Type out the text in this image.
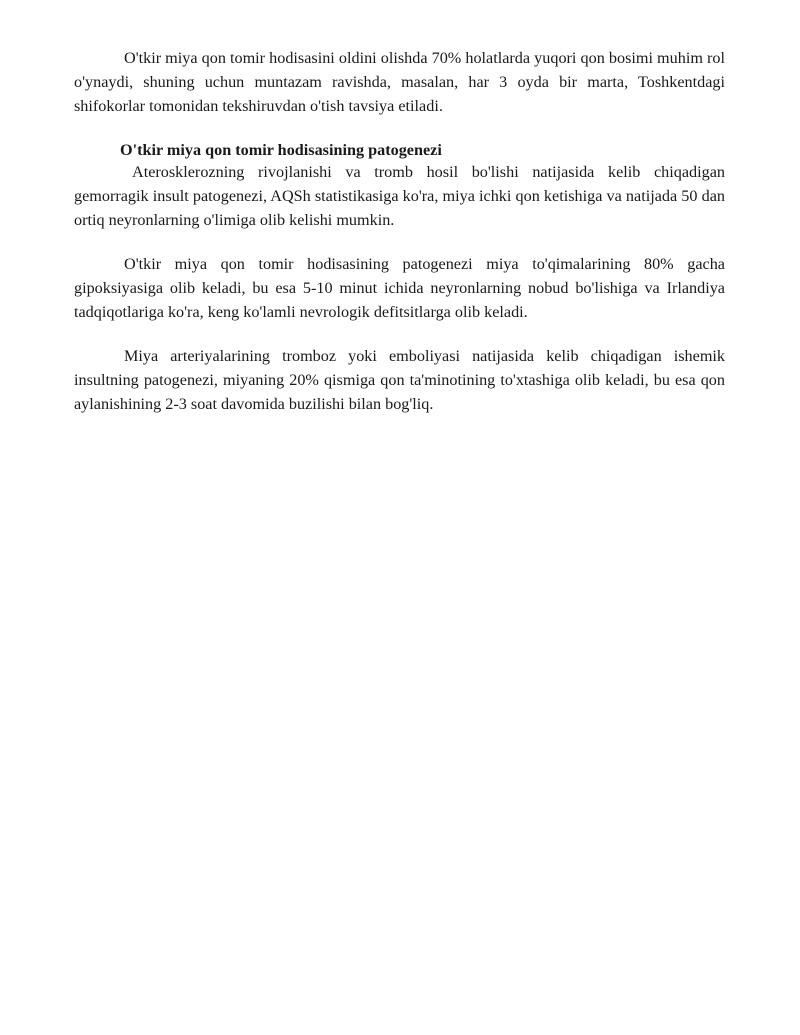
O'tkir miya qon tomir hodisasini oldini olishda 70% holatlarda yuqori qon bosimi muhim rol o'ynaydi, shuning uchun muntazam ravishda, masalan, har 3 oyda bir marta, Toshkentdagi shifokorlar tomonidan tekshiruvdan o'tish tavsiya etiladi.

O'tkir miya qon tomir hodisasining patogenezi

Aterosklerozning rivojlanishi va tromb hosil bo'lishi natijasida kelib chiqadigan gemorragik insult patogenezi, AQSh statistikasiga ko'ra, miya ichki qon ketishiga va natijada 50 dan ortiq neyronlarning o'limiga olib kelishi mumkin.

O'tkir miya qon tomir hodisasining patogenezi miya to'qimalarining 80% gacha gipoksiyasiga olib keladi, bu esa 5-10 minut ichida neyronlarning nobud bo'lishiga va Irlandiya tadqiqotlariga ko'ra, keng ko'lamli nevrologik defitsitlarga olib keladi.

Miya arteriyalarining tromboz yoki emboliyasi natijasida kelib chiqadigan ishemik insultning patogenezi, miyaning 20% qismiga qon ta'minotining to'xtashiga olib keladi, bu esa qon aylanishining 2-3 soat davomida buzilishi bilan bog'liq.
